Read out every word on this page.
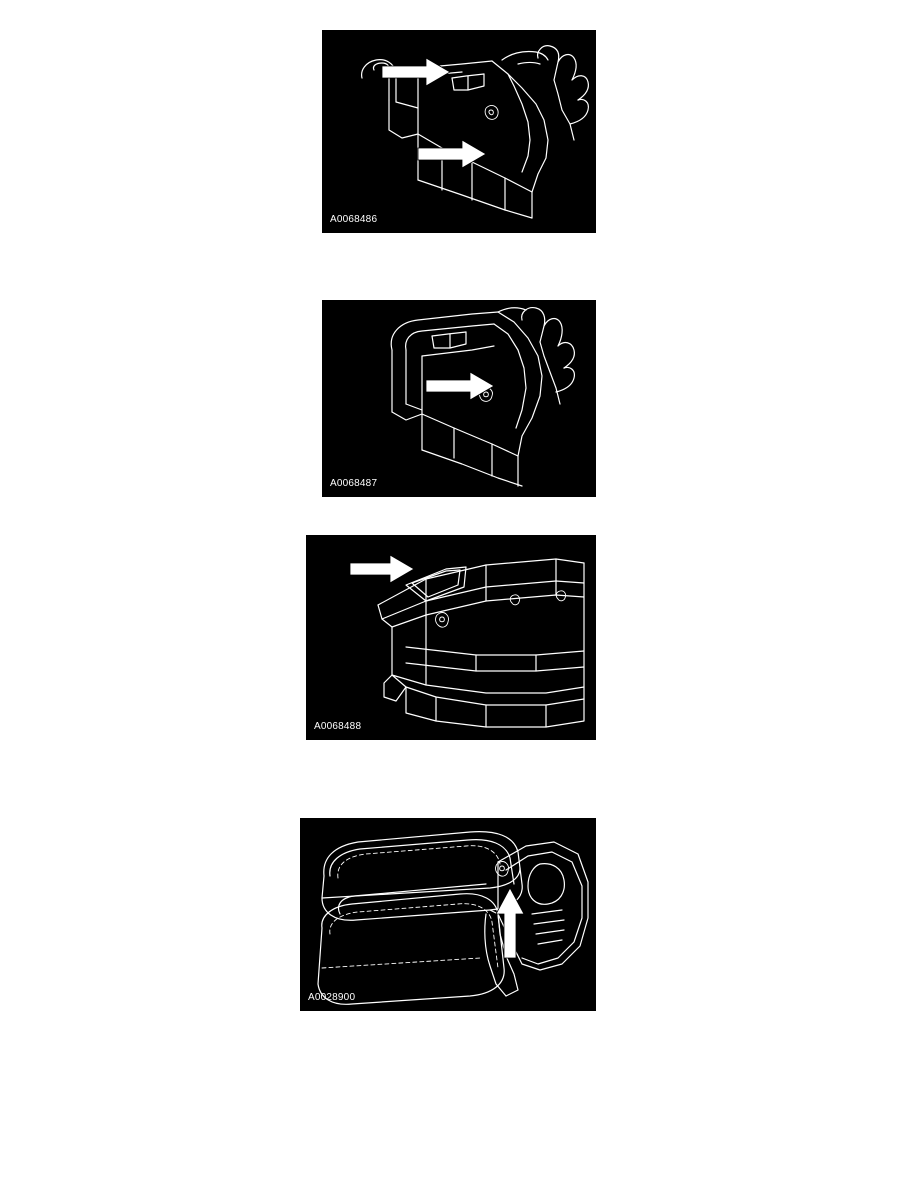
A0068486
A0068487
A0068488
A0028900
